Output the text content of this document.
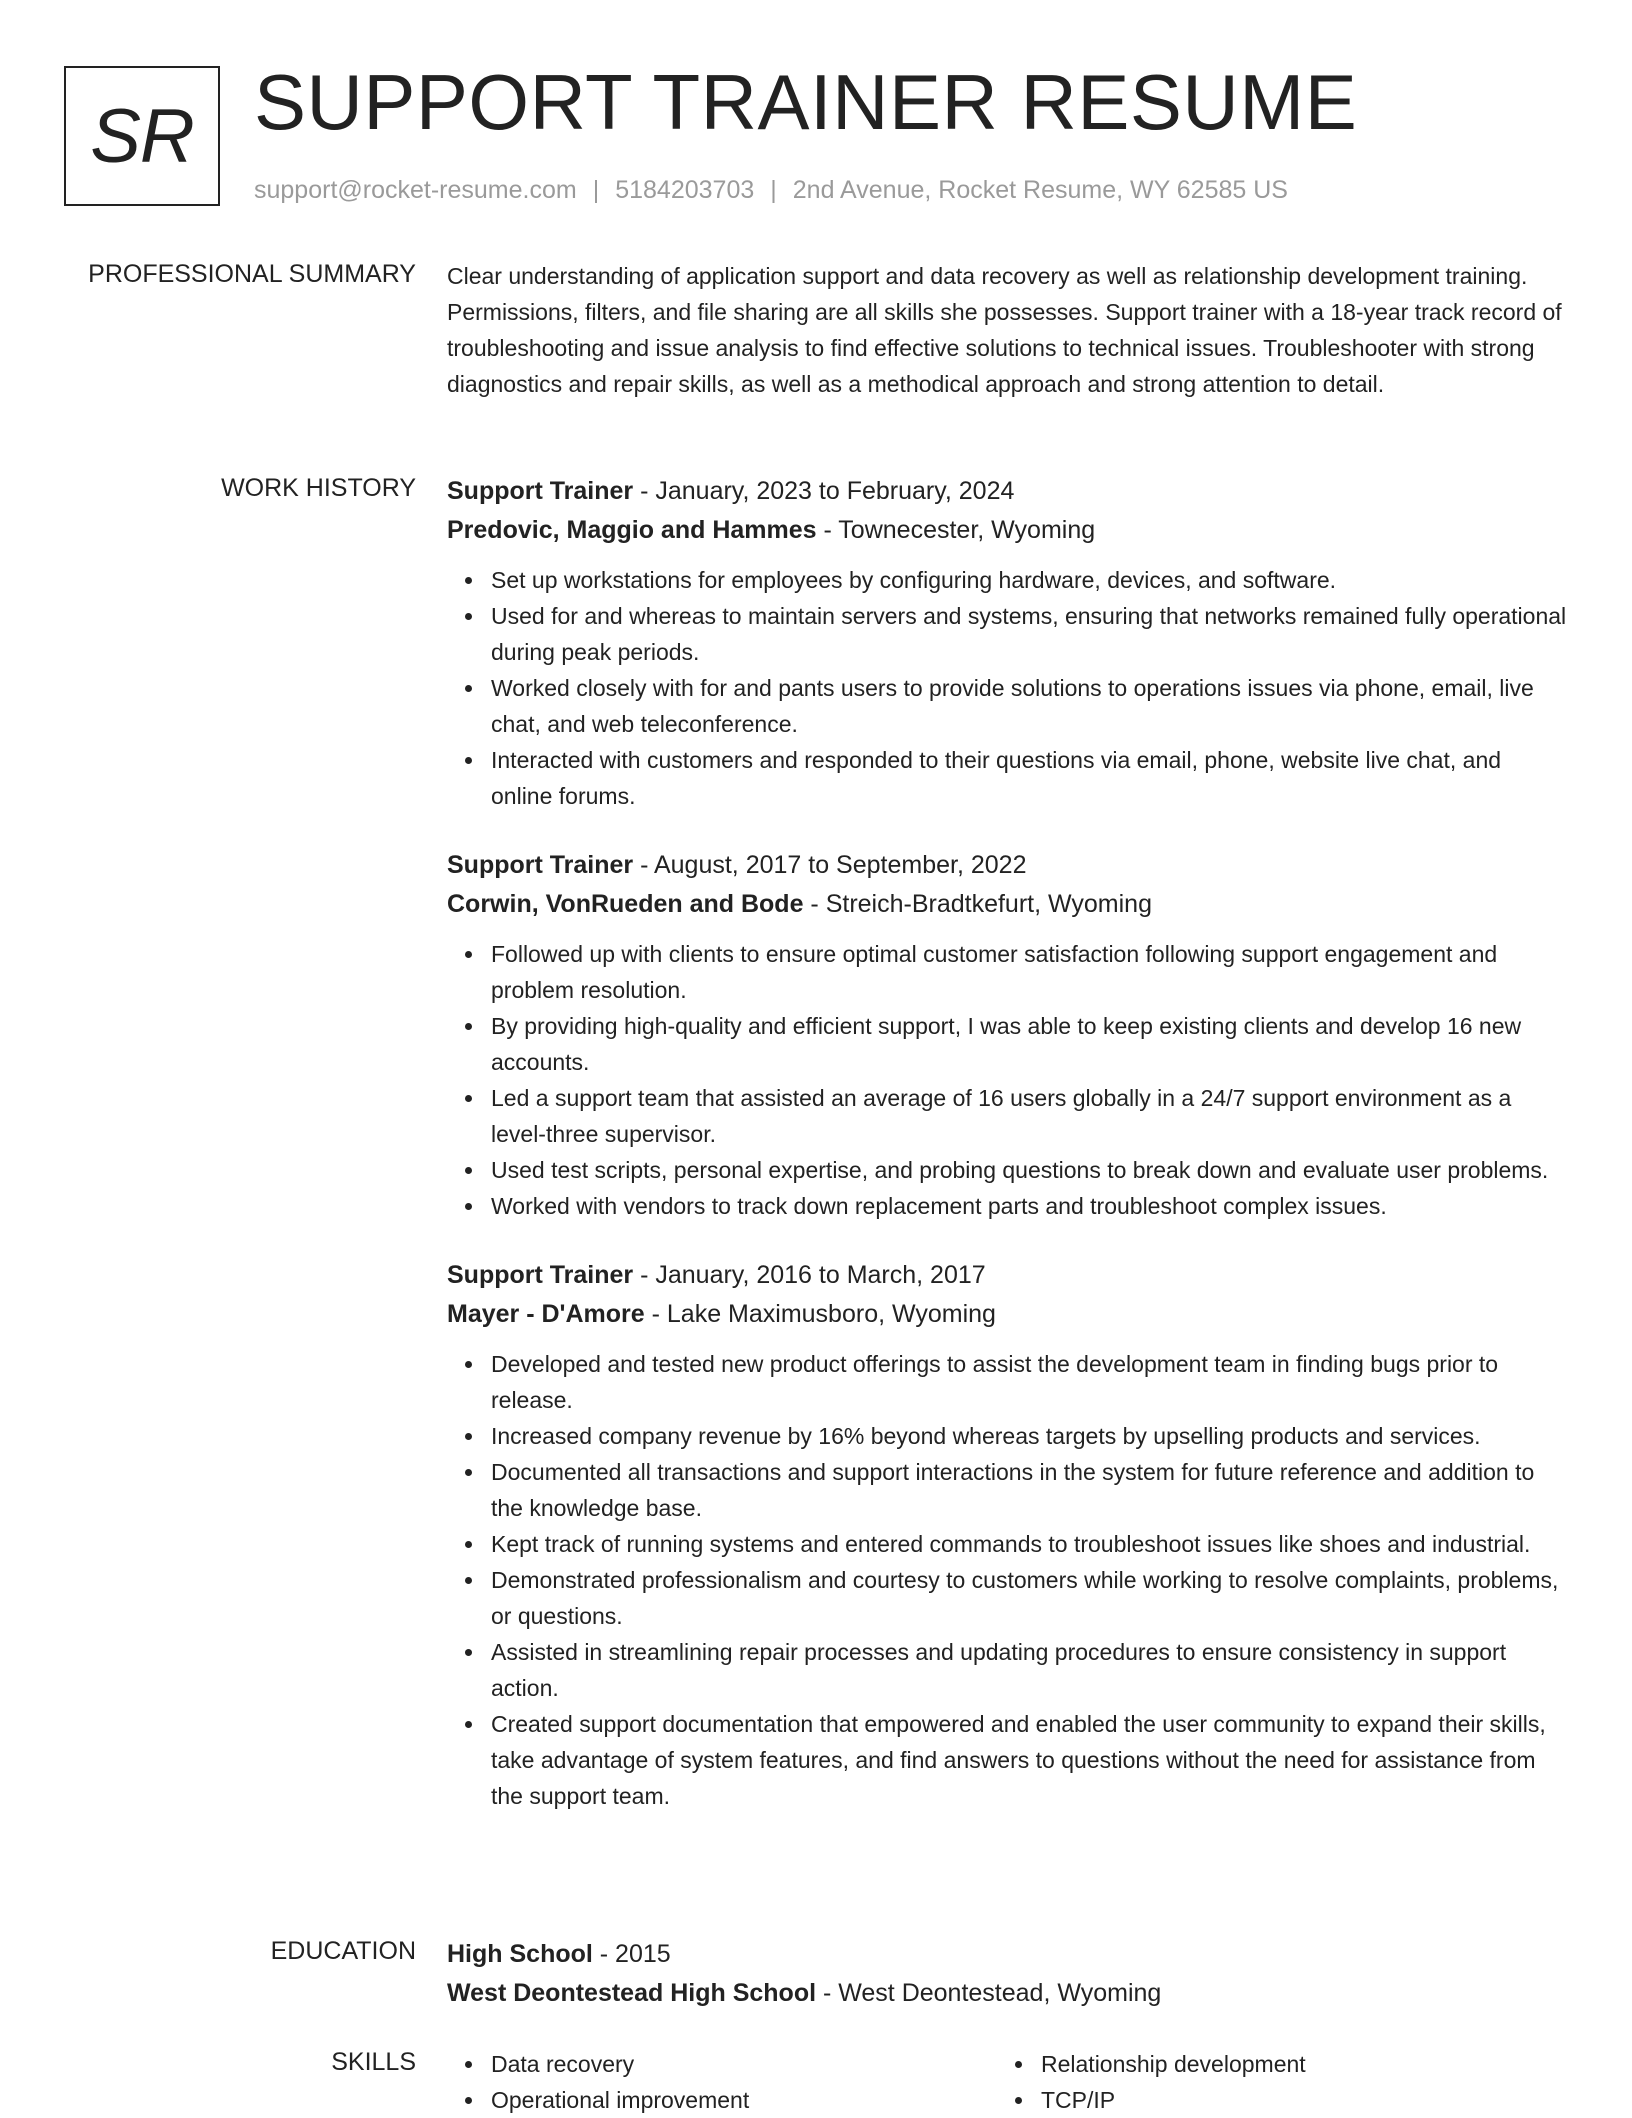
SR SUPPORT TRAINER RESUME
support@rocket-resume.com | 5184203703 | 2nd Avenue, Rocket Resume, WY 62585 US
PROFESSIONAL SUMMARY Clear understanding of application support and data recovery as well as relationship development training. Permissions, filters, and file sharing are all skills she possesses. Support trainer with a 18-year track record of troubleshooting and issue analysis to find effective solutions to technical issues. Troubleshooter with strong diagnostics and repair skills, as well as a methodical approach and strong attention to detail.

WORK HISTORY Support Trainer - January, 2023 to February, 2024
Predovic, Maggio and Hammes - Townecester, Wyoming
Set up workstations for employees by configuring hardware, devices, and software.
Used for and whereas to maintain servers and systems, ensuring that networks remained fully operational during peak periods.
Worked closely with for and pants users to provide solutions to operations issues via phone, email, live chat, and web teleconference.
Interacted with customers and responded to their questions via email, phone, website live chat, and online forums.
Support Trainer - August, 2017 to September, 2022
Corwin, VonRueden and Bode - Streich-Bradtkefurt, Wyoming
Followed up with clients to ensure optimal customer satisfaction following support engagement and problem resolution.
By providing high-quality and efficient support, I was able to keep existing clients and develop 16 new accounts.
Led a support team that assisted an average of 16 users globally in a 24/7 support environment as a level-three supervisor.
Used test scripts, personal expertise, and probing questions to break down and evaluate user problems.
Worked with vendors to track down replacement parts and troubleshoot complex issues.
Support Trainer - January, 2016 to March, 2017
Mayer - D'Amore - Lake Maximusboro, Wyoming
Developed and tested new product offerings to assist the development team in finding bugs prior to release.
Increased company revenue by 16% beyond whereas targets by upselling products and services.
Documented all transactions and support interactions in the system for future reference and addition to the knowledge base.
Kept track of running systems and entered commands to troubleshoot issues like shoes and industrial.
Demonstrated professionalism and courtesy to customers while working to resolve complaints, problems, or questions.
Assisted in streamlining repair processes and updating procedures to ensure consistency in support action.
Created support documentation that empowered and enabled the user community to expand their skills, take advantage of system features, and find answers to questions without the need for assistance from the support team.
EDUCATION High School - 2015
West Deontestead High School - West Deontestead, Wyoming
SKILLS	Data recovery
Operational improvement
Relationship development
TCP/IP
